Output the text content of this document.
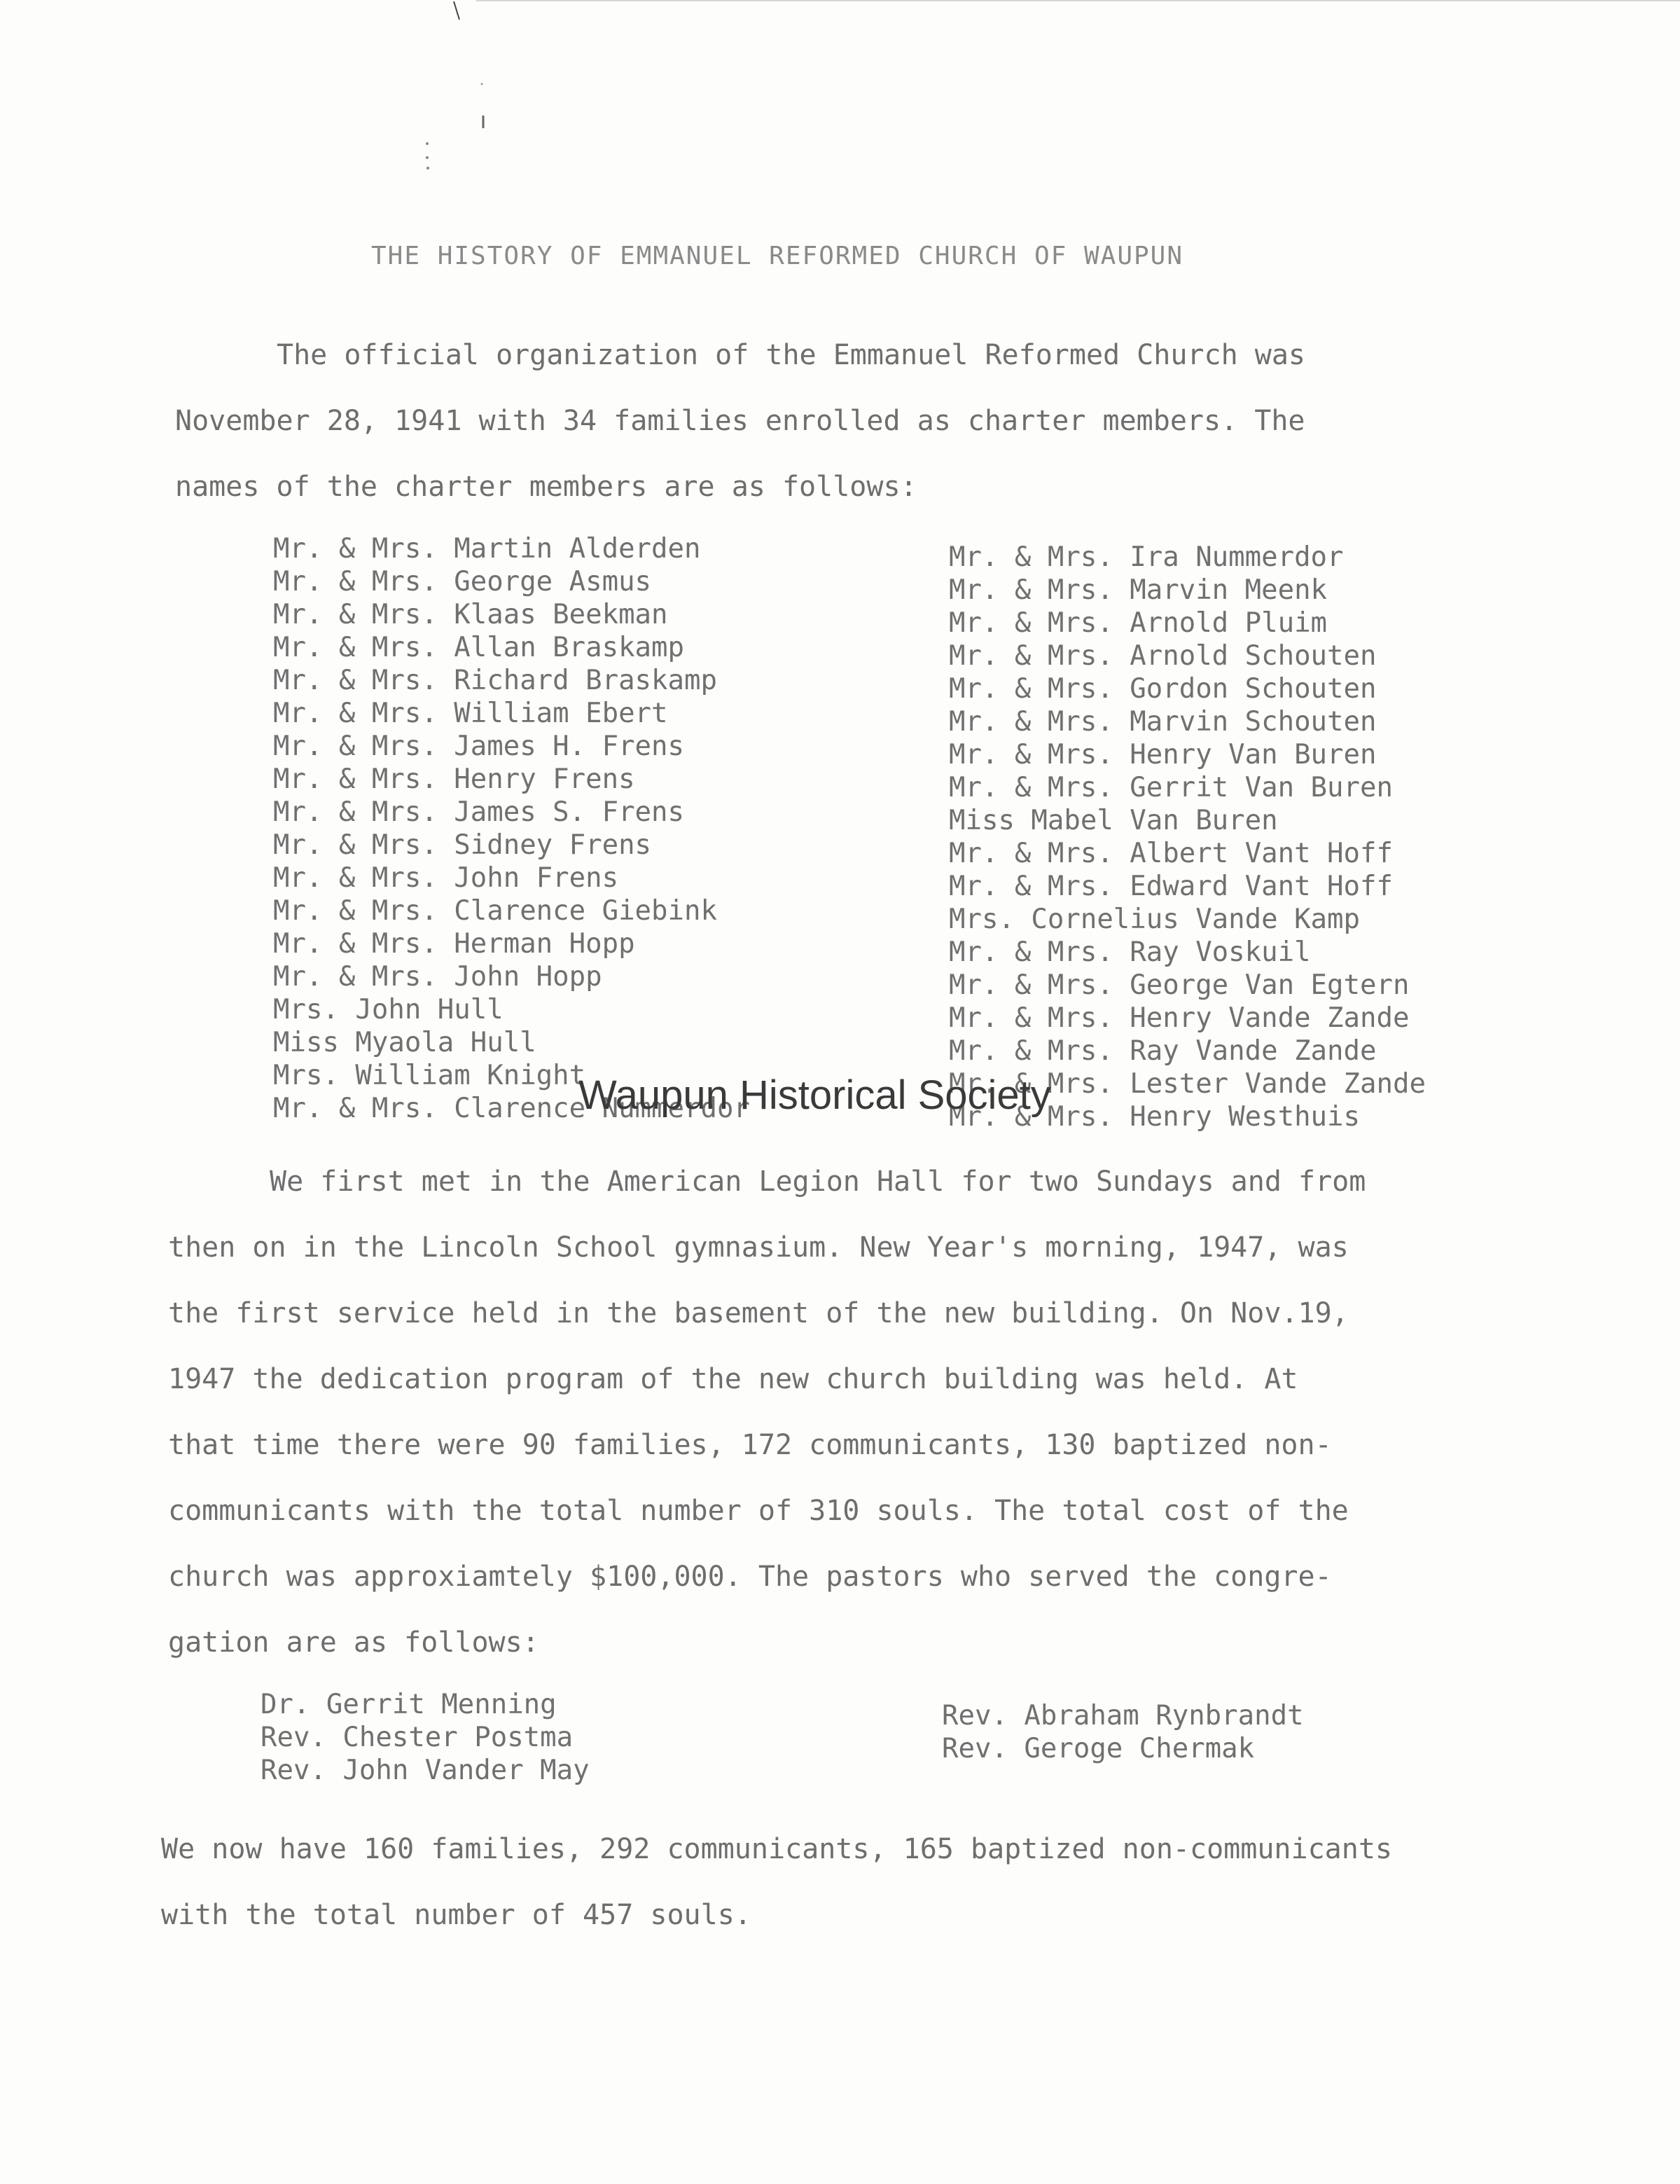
THE HISTORY OF EMMANUEL REFORMED CHURCH OF WAUPUN
The official organization of the Emmanuel Reformed Church was
November 28, 1941 with 34 families enrolled as charter members. The
names of the charter members are as follows:
Mr. & Mrs. Martin Alderden
Mr. & Mrs. George Asmus
Mr. & Mrs. Klaas Beekman
Mr. & Mrs. Allan Braskamp
Mr. & Mrs. Richard Braskamp
Mr. & Mrs. William Ebert
Mr. & Mrs. James H. Frens
Mr. & Mrs. Henry Frens
Mr. & Mrs. James S. Frens
Mr. & Mrs. Sidney Frens
Mr. & Mrs. John Frens
Mr. & Mrs. Clarence Giebink
Mr. & Mrs. Herman Hopp
Mr. & Mrs. John Hopp
Mrs. John Hull
Miss Myaola Hull
Mrs. William Knight
Mr. & Mrs. Clarence Nummerdor
Mr. & Mrs. Ira Nummerdor
Mr. & Mrs. Marvin Meenk
Mr. & Mrs. Arnold Pluim
Mr. & Mrs. Arnold Schouten
Mr. & Mrs. Gordon Schouten
Mr. & Mrs. Marvin Schouten
Mr. & Mrs. Henry Van Buren
Mr. & Mrs. Gerrit Van Buren
Miss Mabel Van Buren
Mr. & Mrs. Albert Vant Hoff
Mr. & Mrs. Edward Vant Hoff
Mrs. Cornelius Vande Kamp
Mr. & Mrs. Ray Voskuil
Mr. & Mrs. George Van Egtern
Mr. & Mrs. Henry Vande Zande
Mr. & Mrs. Ray Vande Zande
Mr. & Mrs. Lester Vande Zande
Mr. & Mrs. Henry Westhuis
We first met in the American Legion Hall for two Sundays and from
then on in the Lincoln School gymnasium. New Year's morning, 1947, was
the first service held in the basement of the new building. On Nov.19,
1947 the dedication program of the new church building was held. At
that time there were 90 families, 172 communicants, 130 baptized non-
communicants with the total number of 310 souls. The total cost of the
church was approxiamtely $100,000. The pastors who served the congre-
gation are as follows:
Dr. Gerrit Menning
Rev. Chester Postma
Rev. John Vander May
Rev. Abraham Rynbrandt
Rev. Geroge Chermak
We now have 160 families, 292 communicants, 165 baptized non-communicants
with the total number of 457 souls.
Waupun Historical Society
